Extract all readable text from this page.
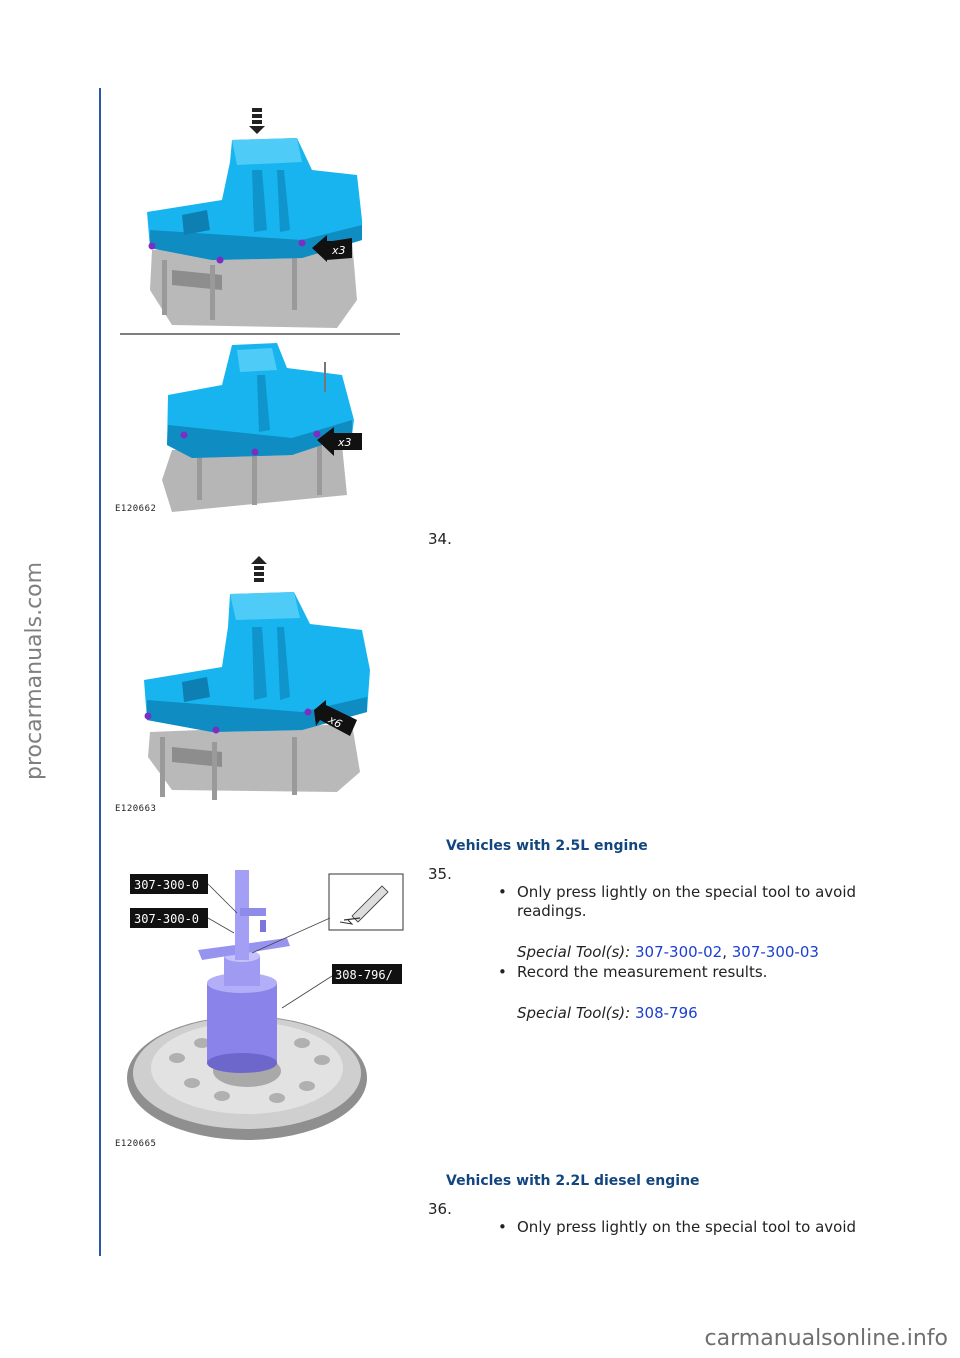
procarmanuals.com
carmanualsonline.info
x3
x3
E120662
34.
x6
E120663
Vehicles with 2.5L engine
35.
307-300-0
307-300-0
308-796/
E120665
• Only press lightly on the special tool to avoid readings.
Special Tool(s): 307-300-02, 307-300-03
• Record the measurement results.
Special Tool(s): 308-796
Vehicles with 2.2L diesel engine
36.
• Only press lightly on the special tool to avoid
